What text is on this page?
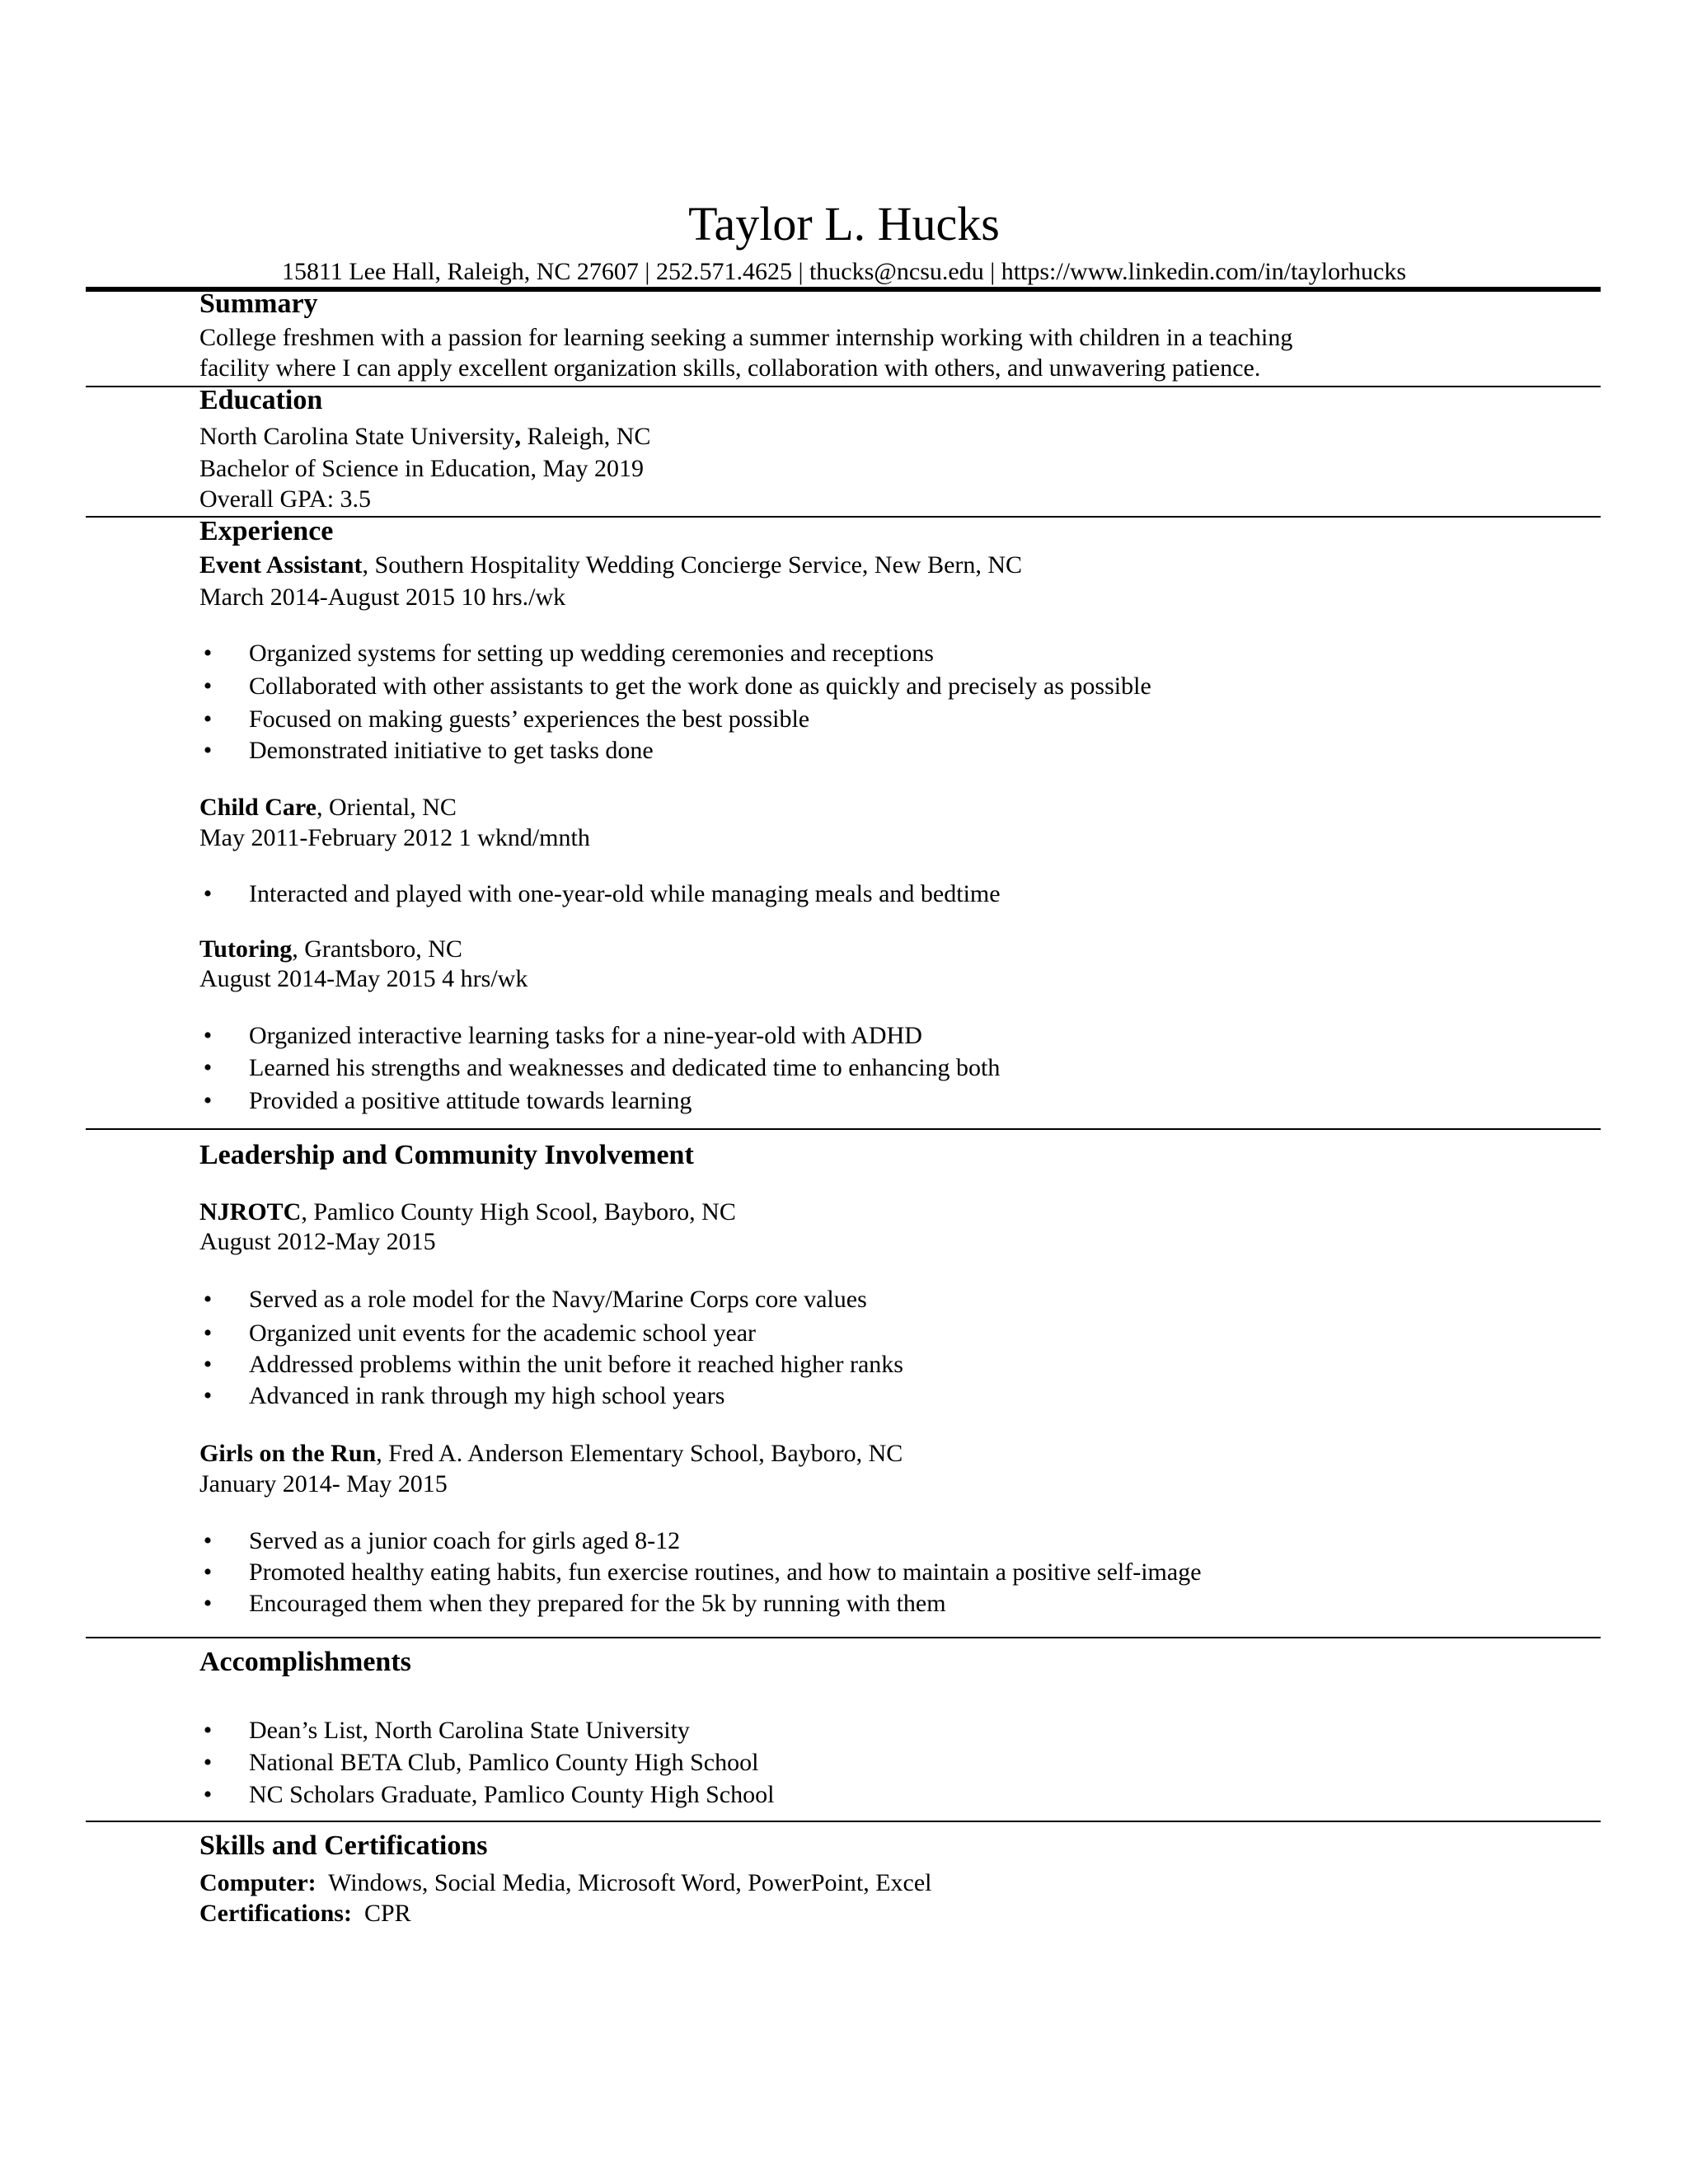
Taylor L. Hucks
15811 Lee Hall, Raleigh, NC 27607 | 252.571.4625 | thucks@ncsu.edu | https://www.linkedin.com/in/taylorhucks
Summary
College freshmen with a passion for learning seeking a summer internship working with children in a teaching
facility where I can apply excellent organization skills, collaboration with others, and unwavering patience.
Education
North Carolina State University, Raleigh, NC
Bachelor of Science in Education, May 2019
Overall GPA: 3.5
Experience
Event Assistant, Southern Hospitality Wedding Concierge Service, New Bern, NC
March 2014-August 2015 10 hrs./wk
• Organized systems for setting up wedding ceremonies and receptions
• Collaborated with other assistants to get the work done as quickly and precisely as possible
• Focused on making guests’ experiences the best possible
• Demonstrated initiative to get tasks done
Child Care, Oriental, NC
May 2011-February 2012 1 wknd/mnth
• Interacted and played with one-year-old while managing meals and bedtime
Tutoring, Grantsboro, NC
August 2014-May 2015 4 hrs/wk
• Organized interactive learning tasks for a nine-year-old with ADHD
• Learned his strengths and weaknesses and dedicated time to enhancing both
• Provided a positive attitude towards learning
Leadership and Community Involvement
NJROTC, Pamlico County High Scool, Bayboro, NC
August 2012-May 2015
• Served as a role model for the Navy/Marine Corps core values
• Organized unit events for the academic school year
• Addressed problems within the unit before it reached higher ranks
• Advanced in rank through my high school years
Girls on the Run, Fred A. Anderson Elementary School, Bayboro, NC
January 2014- May 2015
• Served as a junior coach for girls aged 8-12
• Promoted healthy eating habits, fun exercise routines, and how to maintain a positive self-image
• Encouraged them when they prepared for the 5k by running with them
Accomplishments
• Dean’s List, North Carolina State University
• National BETA Club, Pamlico County High School
• NC Scholars Graduate, Pamlico County High School
Skills and Certifications
Computer:  Windows, Social Media, Microsoft Word, PowerPoint, Excel
Certifications:  CPR
